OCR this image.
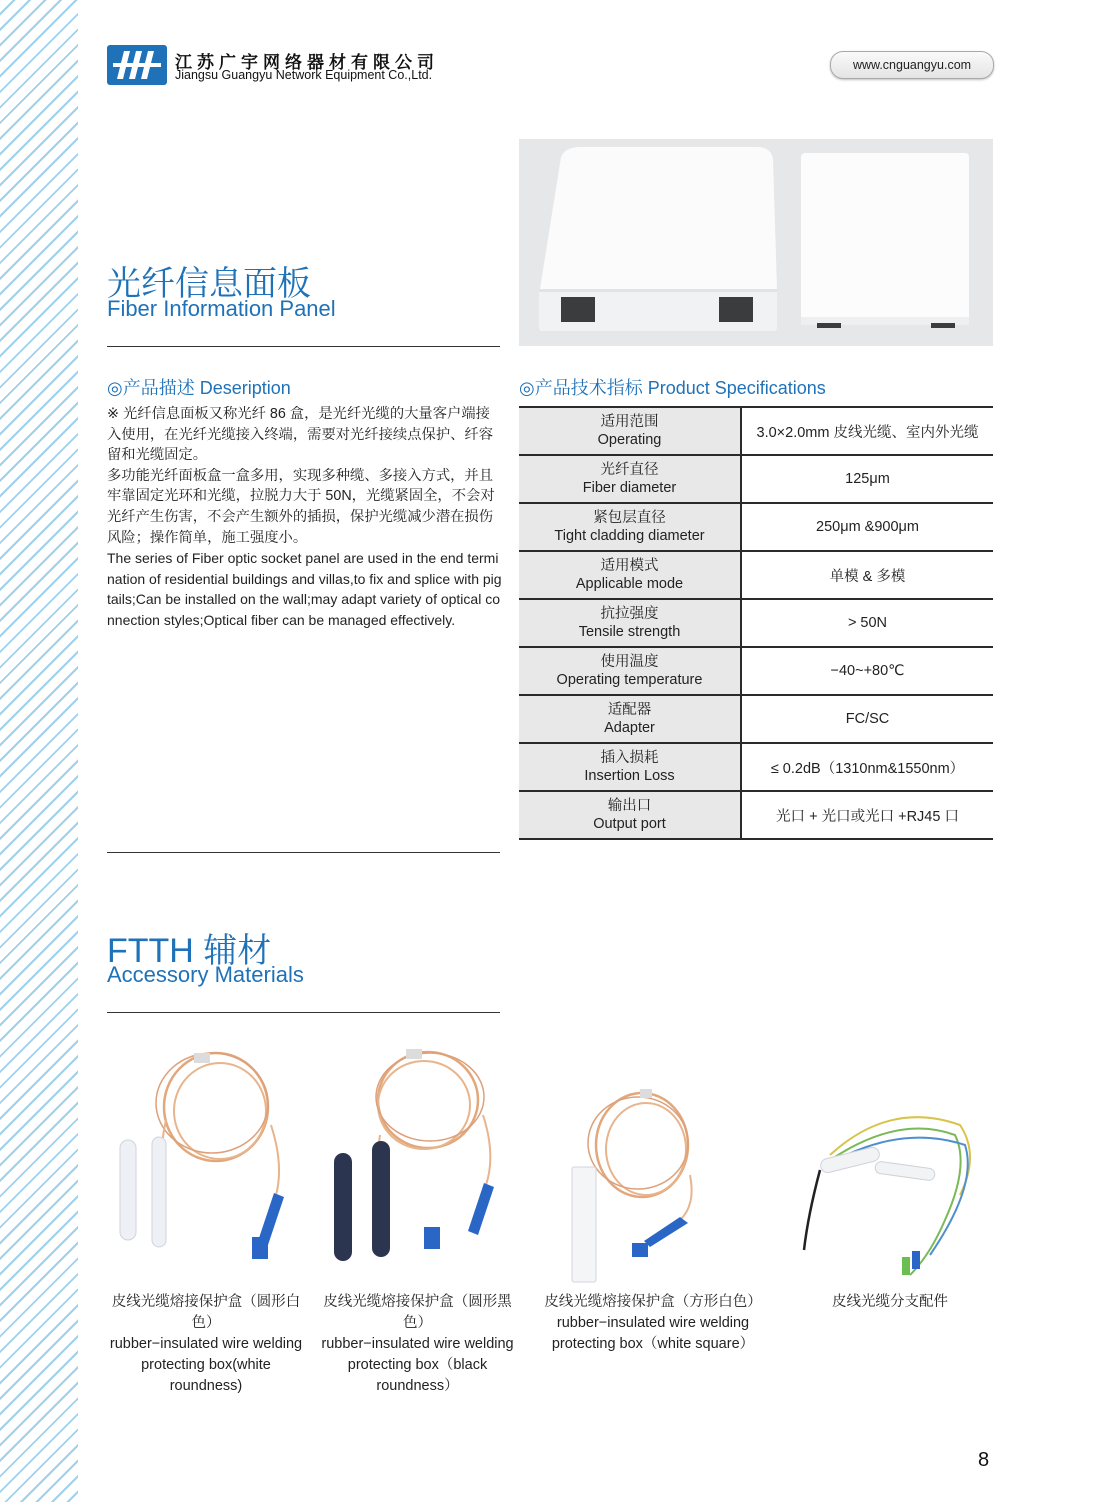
江苏广宇网络器材有限公司
Jiangsu Guangyu Network Equipment Co.,Ltd.
www.cnguangyu.com
光纤信息面板
Fiber Information Panel
◎产品描述 Deseription

※ 光纤信息面板又称光纤 86 盒，是光纤光缆的大量客户端接入使用，在光纤光缆接入终端，需要对光纤接续点保护、纤容留和光缆固定。

多功能光纤面板盒一盒多用，实现多种缆、多接入方式，并且牢靠固定光环和光缆，拉脱力大于 50N，光缆紧固全，不会对光纤产生伤害，不会产生额外的插损，保护光缆减少潜在损伤风险；操作简单，施工强度小。

The series of Fiber optic socket panel are used in the end termination of residential buildings and villas,to fix and splice with pigtails;Can be installed on the wall;may adapt variety of optical connection styles;Optical fiber can be managed effectively.

◎产品技术指标 Product Specifications
适用范围
Operating	3.0×2.0mm 皮线光缆、室内外光缆
光纤直径
Fiber diameter	125μm
紧包层直径
Tight cladding diameter	250μm &900μm
适用模式
Applicable mode	单模 & 多模
抗拉强度
Tensile strength	> 50N
使用温度
Operating temperature	−40~+80℃
适配器
Adapter	FC/SC
插入损耗
Insertion Loss	≤ 0.2dB（1310nm&1550nm）
输出口
Output port	光口 + 光口或光口 +RJ45 口
FTTH 辅材
Accessory Materials
皮线光缆熔接保护盒（圆形白色）
rubber−insulated wire welding protecting box(white roundness)
皮线光缆熔接保护盒（圆形黑色）
rubber−insulated wire welding protecting box（black roundness）
皮线光缆熔接保护盒（方形白色）
rubber−insulated wire welding protecting box（white square）
皮线光缆分支配件
8
